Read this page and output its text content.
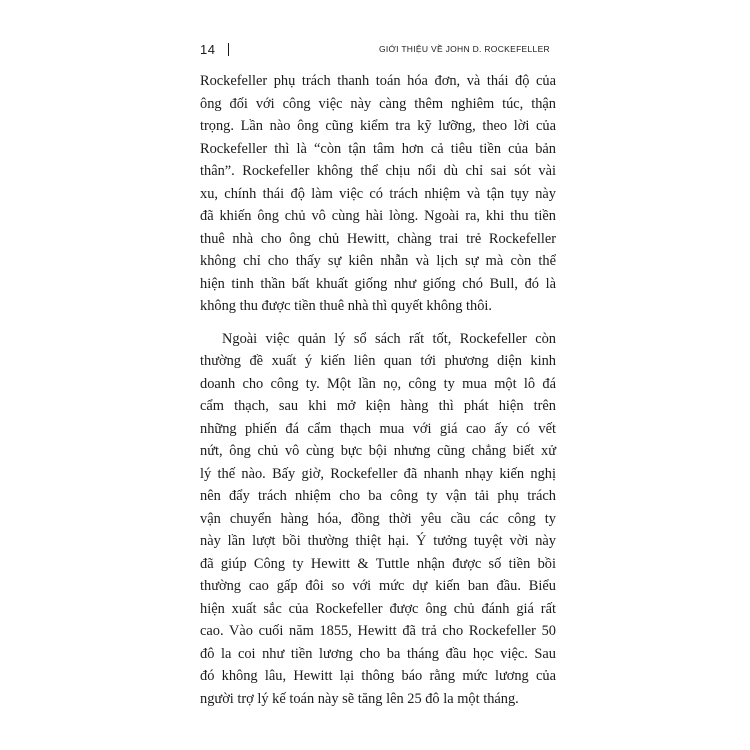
14	GIỚI THIỆU VỀ JOHN D. ROCKEFELLER
Rockefeller phụ trách thanh toán hóa đơn, và thái độ của
ông đối với công việc này càng thêm nghiêm túc, thận
trọng. Lần nào ông cũng kiểm tra kỹ lưỡng, theo lời của
Rockefeller thì là “còn tận tâm hơn cả tiêu tiền của bản
thân”. Rockefeller không thể chịu nổi dù chỉ sai sót vài
xu, chính thái độ làm việc có trách nhiệm và tận tụy này
đã khiến ông chủ vô cùng hài lòng. Ngoài ra, khi thu tiền
thuê nhà cho ông chủ Hewitt, chàng trai trẻ Rockefeller
không chỉ cho thấy sự kiên nhẫn và lịch sự mà còn thể
hiện tinh thần bất khuất giống như giống chó Bull, đó là
không thu được tiền thuê nhà thì quyết không thôi.
Ngoài việc quản lý sổ sách rất tốt, Rockefeller còn
thường đề xuất ý kiến liên quan tới phương diện kinh
doanh cho công ty. Một lần nọ, công ty mua một lô đá
cẩm thạch, sau khi mở kiện hàng thì phát hiện trên
những phiến đá cẩm thạch mua với giá cao ấy có vết
nứt, ông chủ vô cùng bực bội nhưng cũng chẳng biết xử
lý thế nào. Bấy giờ, Rockefeller đã nhanh nhạy kiến nghị
nên đẩy trách nhiệm cho ba công ty vận tải phụ trách
vận chuyển hàng hóa, đồng thời yêu cầu các công ty
này lần lượt bồi thường thiệt hại. Ý tưởng tuyệt vời này
đã giúp Công ty Hewitt & Tuttle nhận được số tiền bồi
thường cao gấp đôi so với mức dự kiến ban đầu. Biểu
hiện xuất sắc của Rockefeller được ông chủ đánh giá rất
cao. Vào cuối năm 1855, Hewitt đã trả cho Rockefeller 50
đô la coi như tiền lương cho ba tháng đầu học việc. Sau
đó không lâu, Hewitt lại thông báo rằng mức lương của
người trợ lý kế toán này sẽ tăng lên 25 đô la một tháng.
